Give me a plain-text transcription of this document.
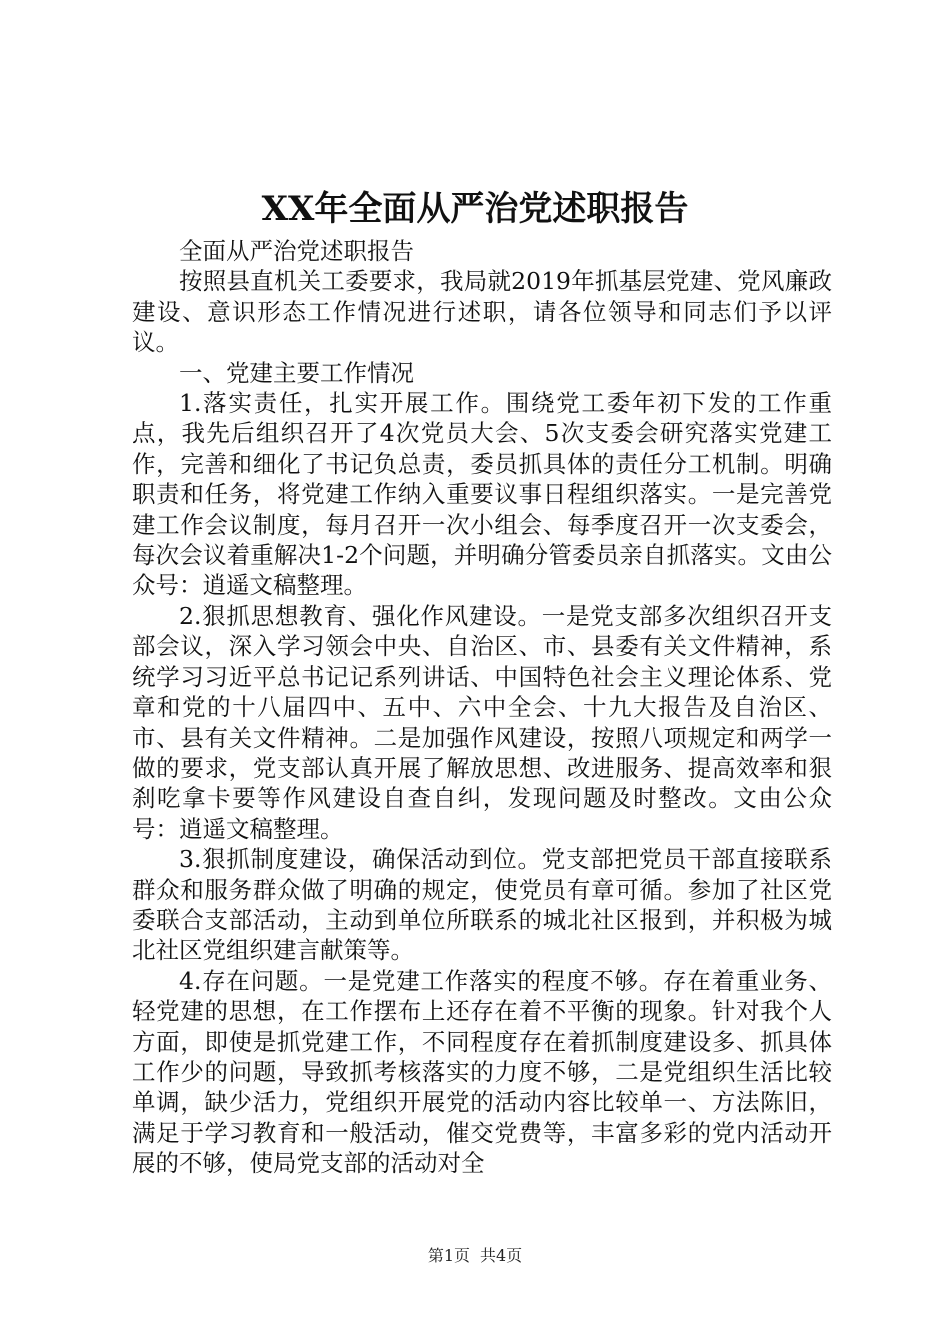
XX年全面从严治党述职报告

全面从严治党述职报告

按照县直机关工委要求，我局就2019年抓基层党建、党风廉政建设、意识形态工作情况进行述职，请各位领导和同志们予以评议。

一、党建主要工作情况

1.落实责任，扎实开展工作。围绕党工委年初下发的工作重点，我先后组织召开了4次党员大会、5次支委会研究落实党建工作，完善和细化了书记负总责，委员抓具体的责任分工机制。明确职责和任务，将党建工作纳入重要议事日程组织落实。一是完善党建工作会议制度，每月召开一次小组会、每季度召开一次支委会，每次会议着重解决1-2个问题，并明确分管委员亲自抓落实。文由公众号：逍遥文稿整理。

2.狠抓思想教育、强化作风建设。一是党支部多次组织召开支部会议，深入学习领会中央、自治区、市、县委有关文件精神，系统学习习近平总书记记系列讲话、中国特色社会主义理论体系、党章和党的十八届四中、五中、六中全会、十九大报告及自治区、市、县有关文件精神。二是加强作风建设，按照八项规定和两学一做的要求，党支部认真开展了解放思想、改进服务、提高效率和狠刹吃拿卡要等作风建设自查自纠，发现问题及时整改。文由公众号：逍遥文稿整理。

3.狠抓制度建设，确保活动到位。党支部把党员干部直接联系群众和服务群众做了明确的规定，使党员有章可循。参加了社区党委联合支部活动，主动到单位所联系的城北社区报到，并积极为城北社区党组织建言献策等。

4.存在问题。一是党建工作落实的程度不够。存在着重业务、轻党建的思想，在工作摆布上还存在着不平衡的现象。针对我个人方面，即使是抓党建工作，不同程度存在着抓制度建设多、抓具体工作少的问题，导致抓考核落实的力度不够，二是党组织生活比较单调，缺少活力，党组织开展党的活动内容比较单一、方法陈旧，满足于学习教育和一般活动，催交党费等，丰富多彩的党内活动开展的不够，使局党支部的活动对全

第1页 共4页
